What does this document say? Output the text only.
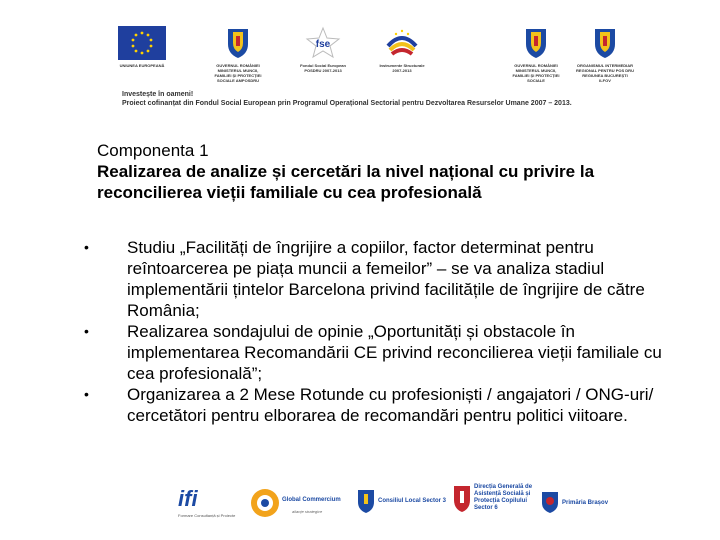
UNIUNEA EUROPEANĂ	GUVERNUL ROMÂNIEI MINISTERUL MUNCII, FAMILIEI ȘI PROTECȚIEI SOCIALE AMPOSDRU
fse
Fondul Social European POSDRU 2007-2013
Instrumente Structurale 2007-2013
GUVERNUL ROMÂNIEI MINISTERUL MUNCII, FAMILIEI ȘI PROTECȚIEI SOCIALE
ORGANISMUL INTERMEDIAR REGIONAL PENTRU POS DRU REGIUNEA BUCUREȘTI ILFOV
Investește în oameni!
Proiect cofinanțat din Fondul Social European prin Programul Operațional Sectorial pentru Dezvoltarea Resurselor Umane 2007 – 2013.
Componenta 1
Realizarea de analize și cercetări la nivel național cu privire la reconcilierea vieții familiale cu cea profesională
• Studiu „Facilități de îngrijire a copiilor, factor determinat pentru reîntoarcerea pe piața muncii a femeilor” – se va analiza stadiul implementării țintelor Barcelona privind facilitățile de îngrijire de către România;
• Realizarea sondajului de opinie „Oportunități și obstacole în implementarea Recomandării CE privind reconcilierea vieții familiale cu cea profesională”;
• Organizarea a 2 Mese Rotunde cu profesioniști / angajatori / ONG-uri/ cercetători pentru elborarea de recomandări pentru politici viitoare.
ifi
Formare Consultanță și Proiecte
Global Commercium
alianțe strategice
Consiliul Local Sector 3
Direcția Generală de Asistență Socială și Protecția Copilului Sector 6
Primăria Brașov
